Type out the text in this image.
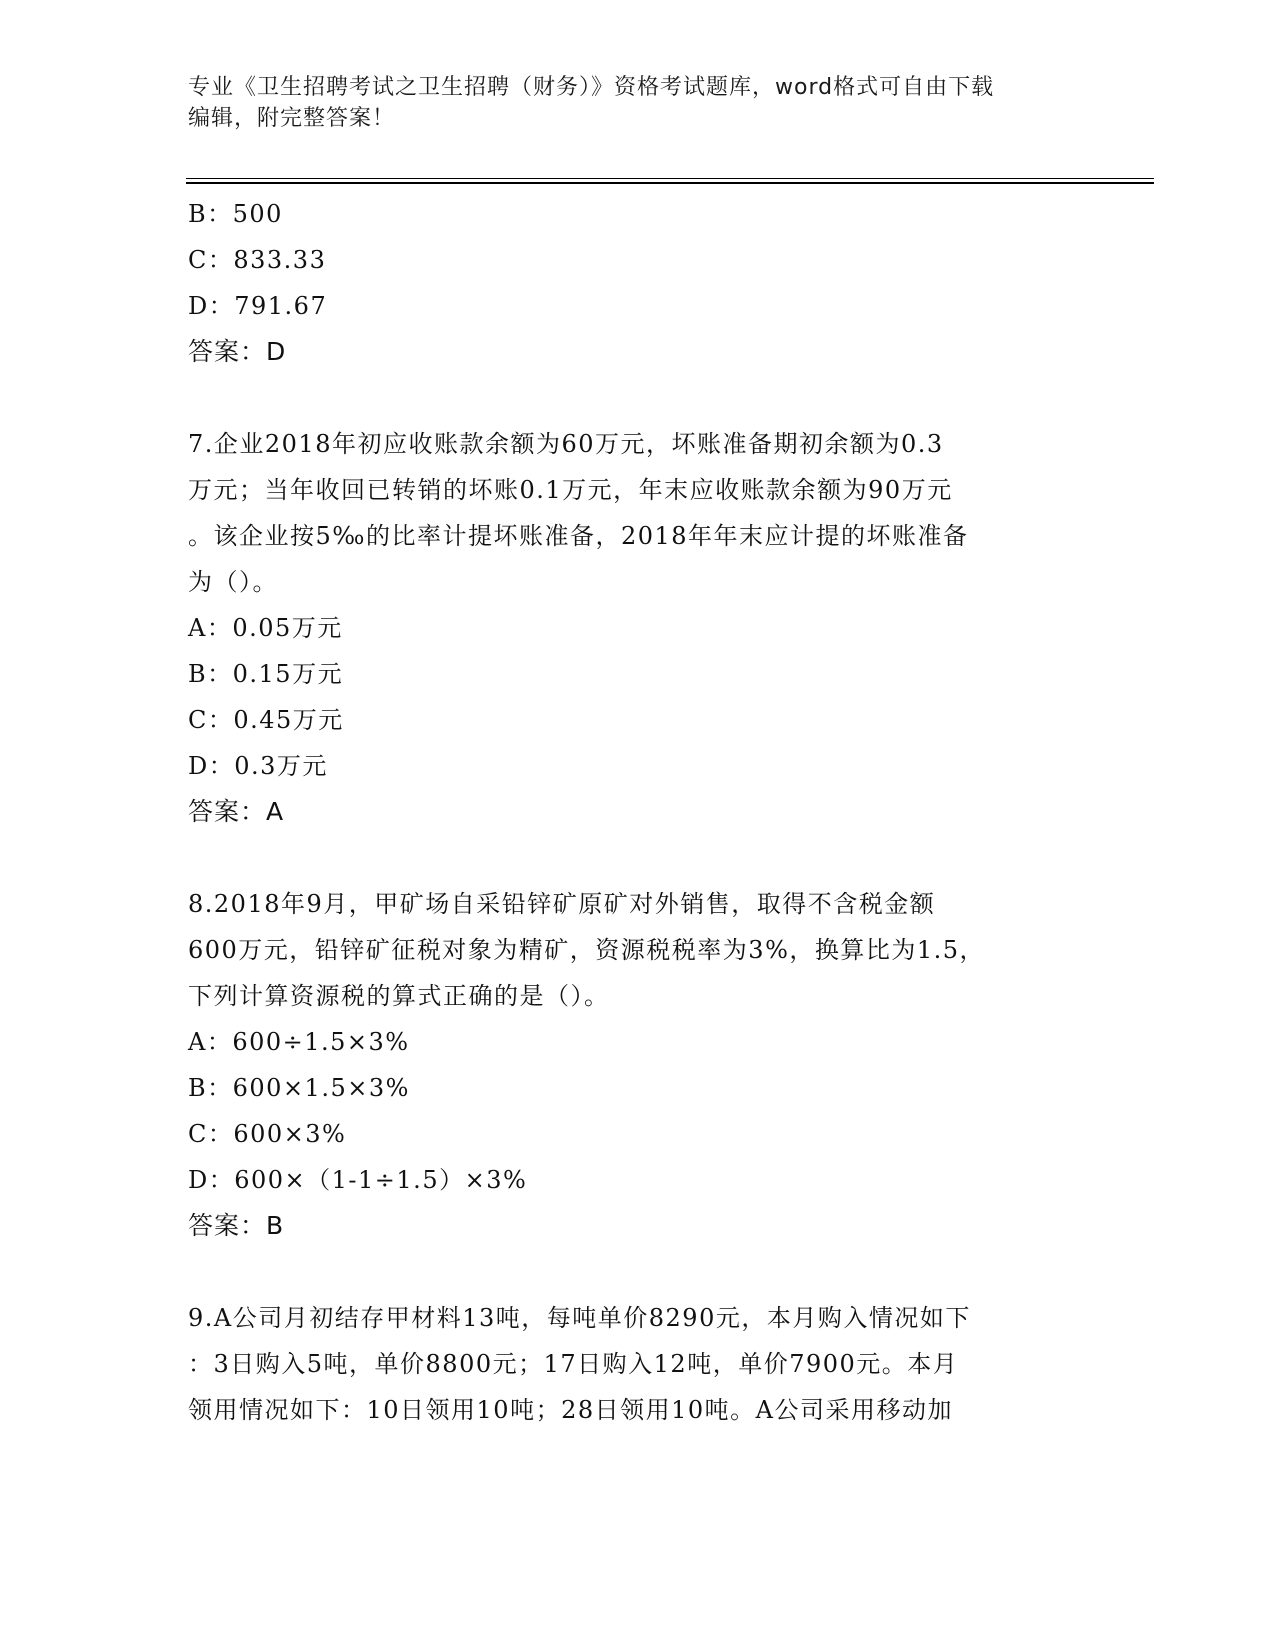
专业《卫生招聘考试之卫生招聘（财务）》资格考试题库，word格式可自由下载
编辑，附完整答案！
B：500
C：833.33
D：791.67
答案：D
7.企业2018年初应收账款余额为60万元，坏账准备期初余额为0.3
万元；当年收回已转销的坏账0.1万元，年末应收账款余额为90万元
。该企业按5‰的比率计提坏账准备，2018年年末应计提的坏账准备
为（）。
A：0.05万元
B：0.15万元
C：0.45万元
D：0.3万元
答案：A
8.2018年9月，甲矿场自采铅锌矿原矿对外销售，取得不含税金额
600万元，铅锌矿征税对象为精矿，资源税税率为3%，换算比为1.5，
下列计算资源税的算式正确的是（）。
A：600÷1.5×3%
B：600×1.5×3%
C：600×3%
D：600×（1-1÷1.5）×3%
答案：B
9.A公司月初结存甲材料13吨，每吨单价8290元，本月购入情况如下
：3日购入5吨，单价8800元；17日购入12吨，单价7900元。本月
领用情况如下：10日领用10吨；28日领用10吨。A公司采用移动加
